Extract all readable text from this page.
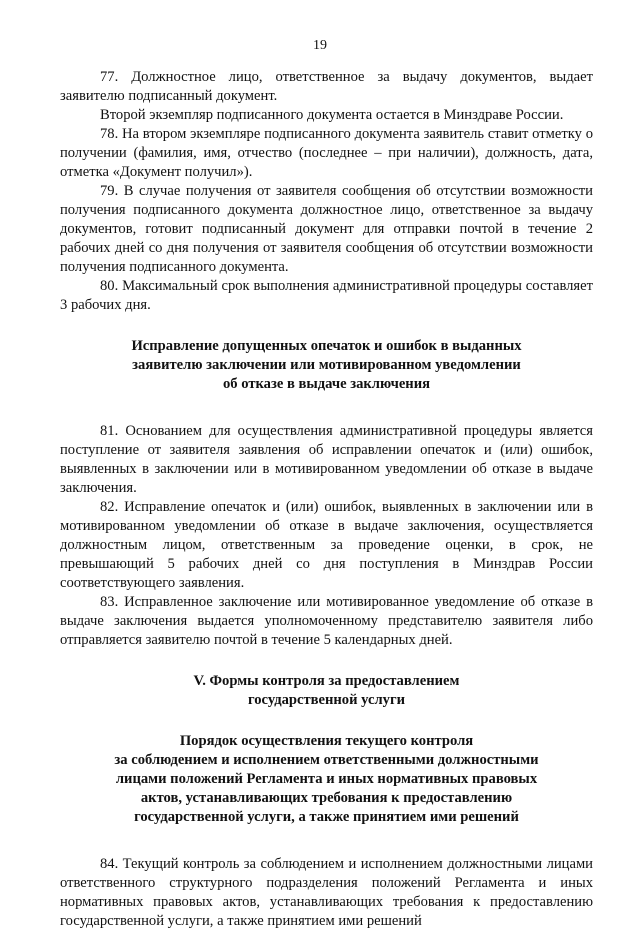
19

77. Должностное лицо, ответственное за выдачу документов, выдает заявителю подписанный документ.

Второй экземпляр подписанного документа остается в Минздраве России.

78. На втором экземпляре подписанного документа заявитель ставит отметку о получении (фамилия, имя, отчество (последнее – при наличии), должность, дата, отметка «Документ получил»).

79. В случае получения от заявителя сообщения об отсутствии возможности получения подписанного документа должностное лицо, ответственное за выдачу документов, готовит подписанный документ для отправки почтой в течение 2 рабочих дней со дня получения от заявителя сообщения об отсутствии возможности получения подписанного документа.

80. Максимальный срок выполнения административной процедуры составляет 3 рабочих дня.

Исправление допущенных опечаток и ошибок в выданных
заявителю заключении или мотивированном уведомлении
об отказе в выдаче заключения

81. Основанием для осуществления административной процедуры является поступление от заявителя заявления об исправлении опечаток и (или) ошибок, выявленных в заключении или в мотивированном уведомлении об отказе в выдаче заключения.

82. Исправление опечаток и (или) ошибок, выявленных в заключении или в мотивированном уведомлении об отказе в выдаче заключения, осуществляется должностным лицом, ответственным за проведение оценки, в срок, не превышающий 5 рабочих дней со дня поступления в Минздрав России соответствующего заявления.

83. Исправленное заключение или мотивированное уведомление об отказе в выдаче заключения выдается уполномоченному представителю заявителя либо отправляется заявителю почтой в течение 5 календарных дней.

V. Формы контроля за предоставлением
государственной услуги
Порядок осуществления текущего контроля
за соблюдением и исполнением ответственными должностными
лицами положений Регламента и иных нормативных правовых
актов, устанавливающих требования к предоставлению
государственной услуги, а также принятием ими решений

84. Текущий контроль за соблюдением и исполнением должностными лицами ответственного структурного подразделения положений Регламента и иных нормативных правовых актов, устанавливающих требования к предоставлению государственной услуги, а также принятием ими решений
